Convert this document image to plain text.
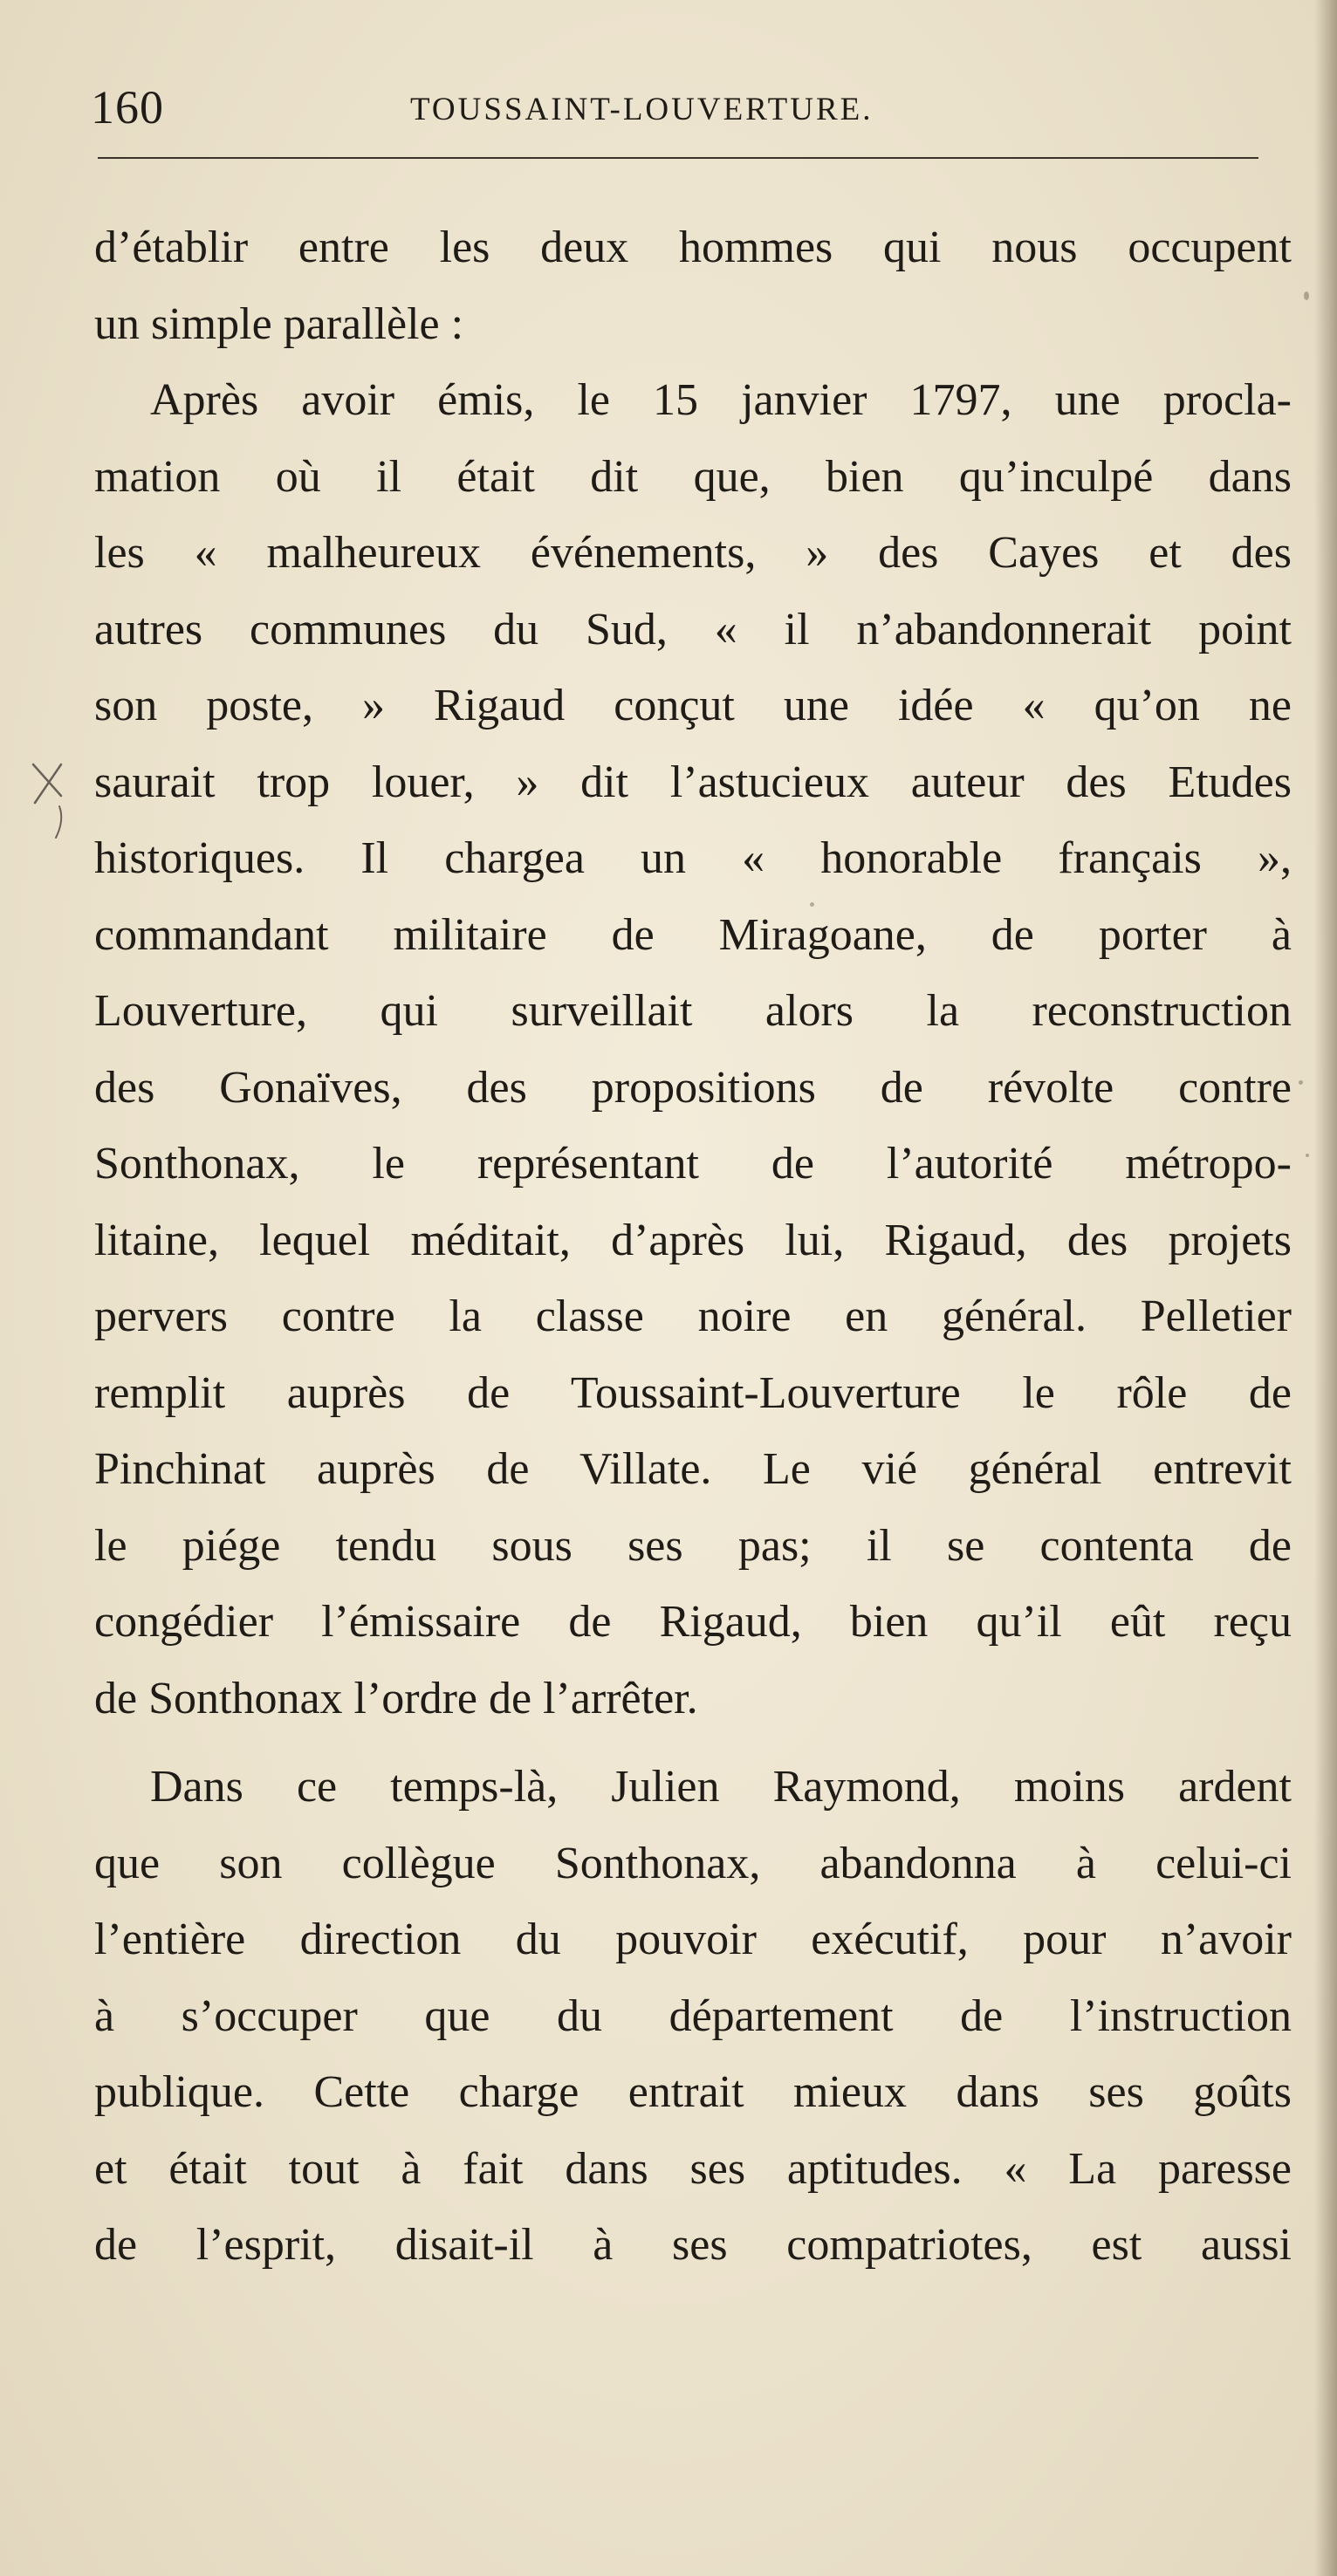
160	TOUSSAINT-LOUVERTURE.
d’établir entre les deux hommes qui nous occupent
un simple parallèle :
Après avoir émis, le 15 janvier 1797, une procla-
mation où il était dit que, bien qu’inculpé dans
les « malheureux événements, » des Cayes et des
autres communes du Sud, « il n’abandonnerait point
son poste, » Rigaud conçut une idée « qu’on ne
saurait trop louer, » dit l’astucieux auteur des Etudes
historiques. Il chargea un « honorable français »,
commandant militaire de Miragoane, de porter à
Louverture, qui surveillait alors la reconstruction
des Gonaïves, des propositions de révolte contre
Sonthonax, le représentant de l’autorité métropo-
litaine, lequel méditait, d’après lui, Rigaud, des projets
pervers contre la classe noire en général. Pelletier
remplit auprès de Toussaint-Louverture le rôle de
Pinchinat auprès de Villate. Le vié général entrevit
le piége tendu sous ses pas; il se contenta de
congédier l’émissaire de Rigaud, bien qu’il eût reçu
de Sonthonax l’ordre de l’arrêter.
Dans ce temps-là, Julien Raymond, moins ardent
que son collègue Sonthonax, abandonna à celui-ci
l’entière direction du pouvoir exécutif, pour n’avoir
à s’occuper que du département de l’instruction
publique. Cette charge entrait mieux dans ses goûts
et était tout à fait dans ses aptitudes. « La paresse
de l’esprit, disait-il à ses compatriotes, est aussi
